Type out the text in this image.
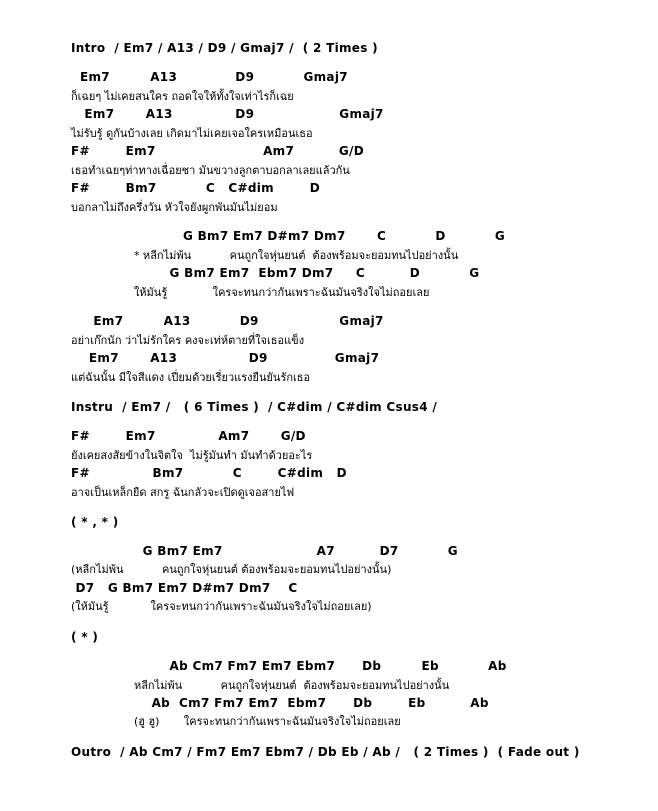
Intro  / Em7 / A13 / D9 / Gmaj7 /  ( 2 Times )
Em7         A13             D9           Gmaj7
ก็เฉยๆ ไม่เคยสนใคร ถอดใจให้ทั้งใจเท่าไรก็เฉย
Em7       A13              D9                   Gmaj7
ไม่รับรู้ ดูกันบ้างเลย เกิดมาไม่เคยเจอใครเหมือนเธอ
F#        Em7                        Am7          G/D
เธอทำเฉยๆท่าทางเฉื่อยชา มันขวางลูกตาบอกลาเลยแล้วกัน
F#        Bm7           C   C#dim        D
บอกลาไม่ถึงครึ่งวัน หัวใจยังผูกพันมันไม่ยอม
G Bm7 Em7 D#m7 Dm7       C           D           G
* หลีกไม่พ้น           คนถูกใจหุ่นยนต์  ต้องพร้อมจะยอมทนไปอย่างนั้น
G Bm7 Em7  Ebm7 Dm7     C          D           G
ให้มันรู้             ใครจะทนกว่ากันเพราะฉันมันจริงใจไม่ถอยเลย
Em7         A13           D9                  Gmaj7
อย่าเก๊กนัก ว่าไม่รักใคร คงจะเท่ห์ตายที่ใจเธอแข็ง
Em7       A13                D9               Gmaj7
แต่ฉันนั้น มีใจสีแดง เปี่ยมด้วยเรี่ยวแรงยืนยันรักเธอ
Instru  / Em7 /   ( 6 Times )  / C#dim / C#dim Csus4 /
F#        Em7              Am7       G/D
ยังเคยสงสัยข้างในจิตใจ  ไม่รู้มันทำ มันทำด้วยอะไร
F#              Bm7           C        C#dim   D
อาจเป็นเหล็กยืด สกรู ฉันกลัวจะเปิดดูเจอสายไฟ
( * , * )
G Bm7 Em7                     A7          D7           G
(หลีกไม่พ้น           คนถูกใจหุ่นยนต์ ต้องพร้อมจะยอมทนไปอย่างนั้น)
D7   G Bm7 Em7 D#m7 Dm7    C
(ให้มันรู้            ใครจะทนกว่ากันเพราะฉันมันจริงใจไม่ถอยเลย)
( * )
Ab Cm7 Fm7 Em7 Ebm7      Db         Eb           Ab
หลีกไม่พ้น           คนถูกใจหุ่นยนต์  ต้องพร้อมจะยอมทนไปอย่างนั้น
Ab  Cm7 Fm7 Em7  Ebm7      Db        Eb          Ab
(ฮู ฮู)       ใครจะทนกว่ากันเพราะฉันมันจริงใจไม่ถอยเลย
Outro  / Ab Cm7 / Fm7 Em7 Ebm7 / Db Eb / Ab /   ( 2 Times )  ( Fade out )
